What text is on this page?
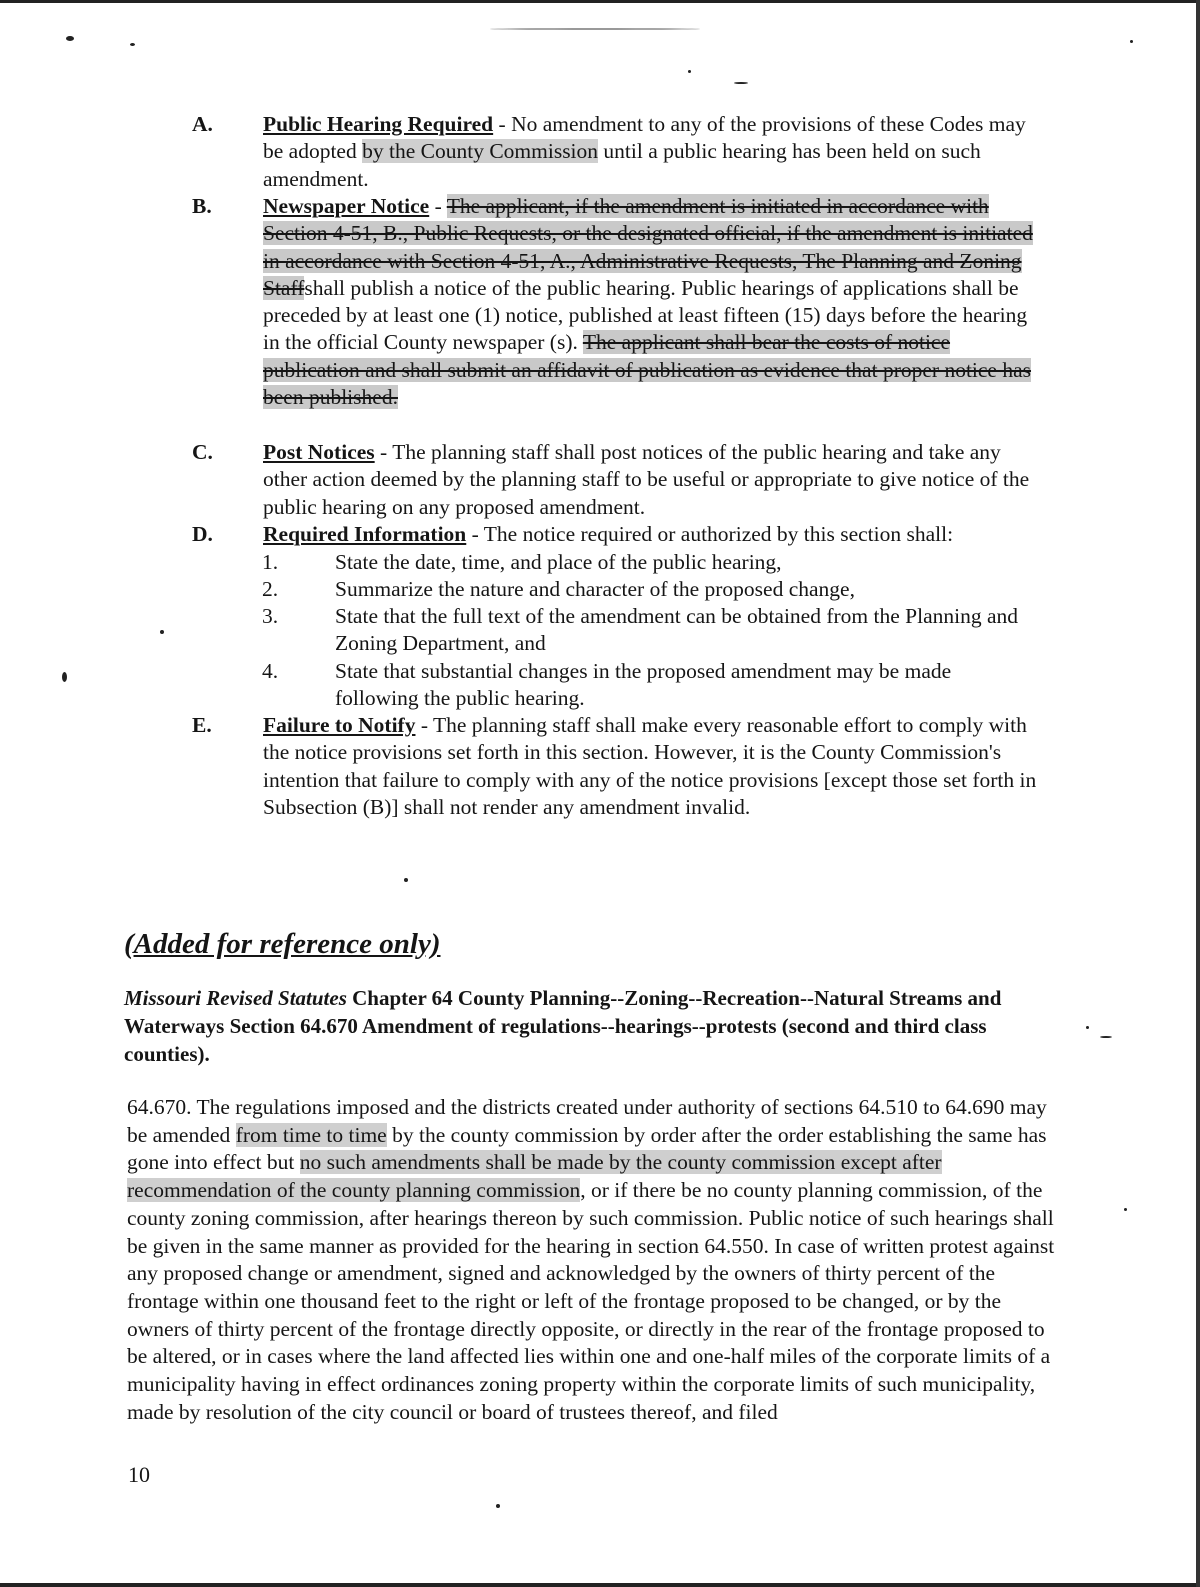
A. Public Hearing Required - No amendment to any of the provisions of these Codes may be adopted by the County Commission until a public hearing has been held on such amendment.
B. Newspaper Notice - The applicant, if the amendment is initiated in accordance with Section 4-51, B., Public Requests, or the designated official, if the amendment is initiated in accordance with Section 4-51, A., Administrative Requests, The Planning and Zoning Staffshall publish a notice of the public hearing. Public hearings of applications shall be preceded by at least one (1) notice, published at least fifteen (15) days before the hearing in the official County newspaper (s). The applicant shall bear the costs of notice publication and shall submit an affidavit of publication as evidence that proper notice has been published.
C. Post Notices - The planning staff shall post notices of the public hearing and take any other action deemed by the planning staff to be useful or appropriate to give notice of the public hearing on any proposed amendment.
D. Required Information - The notice required or authorized by this section shall:
1.	State the date, time, and place of the public hearing,
2.	Summarize the nature and character of the proposed change,
3.	State that the full text of the amendment can be obtained from the Planning and Zoning Department, and
4.	State that substantial changes in the proposed amendment may be made following the public hearing.
E. Failure to Notify - The planning staff shall make every reasonable effort to comply with the notice provisions set forth in this section. However, it is the County Commission's intention that failure to comply with any of the notice provisions [except those set forth in Subsection (B)] shall not render any amendment invalid.
(Added for reference only)
Missouri Revised Statutes Chapter 64 County Planning--Zoning--Recreation--Natural Streams and Waterways Section 64.670 Amendment of regulations--hearings--protests (second and third class counties).
64.670. The regulations imposed and the districts created under authority of sections 64.510 to 64.690 may be amended from time to time by the county commission by order after the order establishing the same has gone into effect but no such amendments shall be made by the county commission except after recommendation of the county planning commission, or if there be no county planning commission, of the county zoning commission, after hearings thereon by such commission. Public notice of such hearings shall be given in the same manner as provided for the hearing in section 64.550. In case of written protest against any proposed change or amendment, signed and acknowledged by the owners of thirty percent of the frontage within one thousand feet to the right or left of the frontage proposed to be changed, or by the owners of thirty percent of the frontage directly opposite, or directly in the rear of the frontage proposed to be altered, or in cases where the land affected lies within one and one-half miles of the corporate limits of a municipality having in effect ordinances zoning property within the corporate limits of such municipality, made by resolution of the city council or board of trustees thereof, and filed
10
